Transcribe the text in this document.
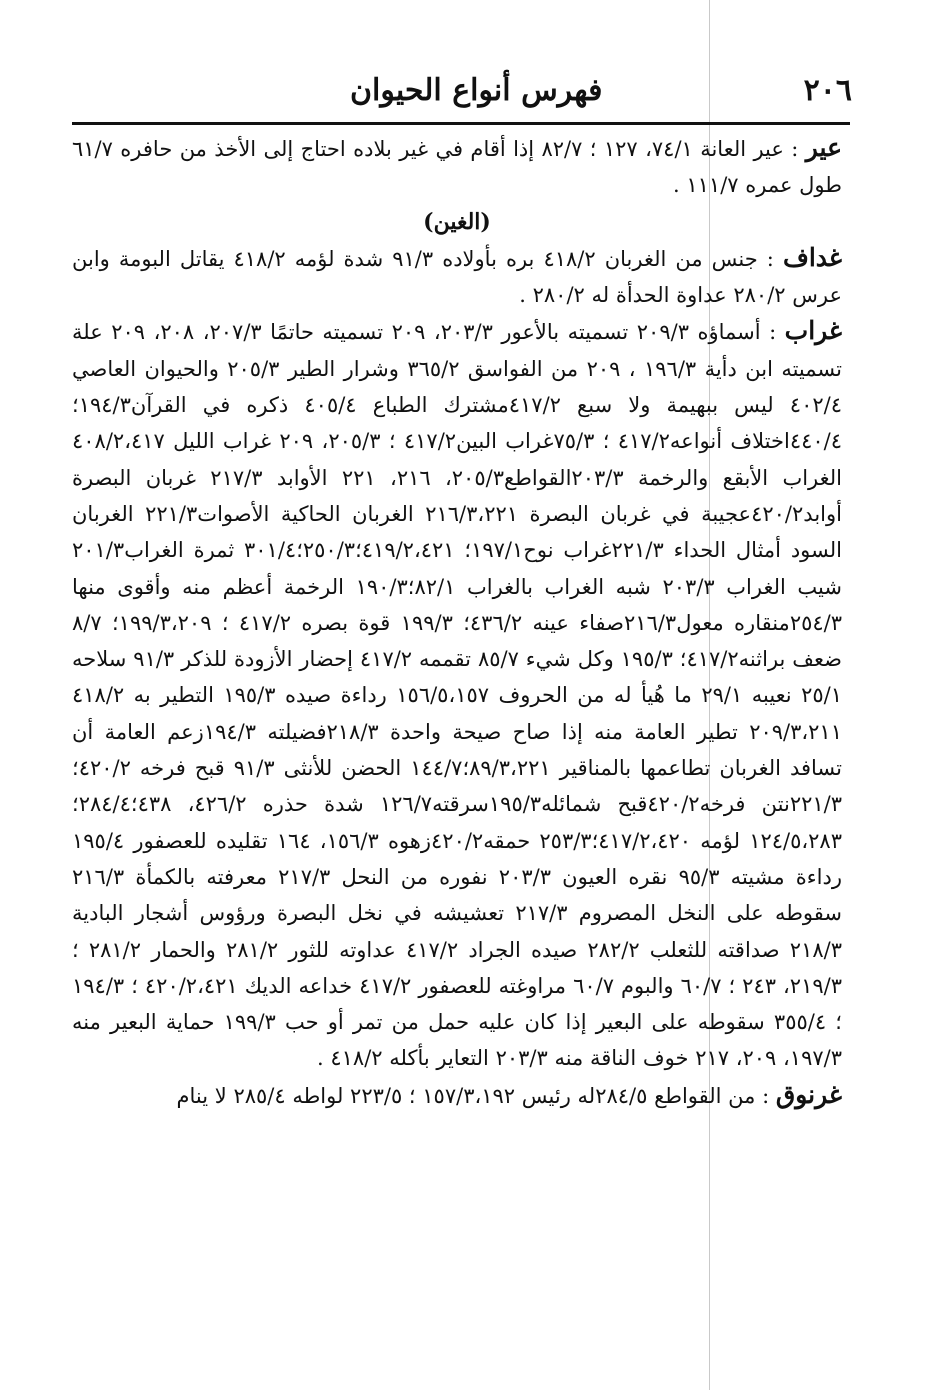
٢٠٦
فهرس أنواع الحيوان

عير : عير العانة ٧٤/١، ١٢٧ ؛ ٨٢/٧ إذا أقام في غير بلاده احتاج إلى الأخذ من حافره ٦١/٧ طول عمره ١١١/٧ .

(الغين)

غداف : جنس من الغربان ٤١٨/٢ بره بأولاده ٩١/٣ شدة لؤمه ٤١٨/٢ يقاتل البومة وابن عرس ٢٨٠/٢ عداوة الحدأة له ٢٨٠/٢ .

غراب : أسماؤه ٢٠٩/٣ تسميته بالأعور ٢٠٣/٣، ٢٠٩ تسميته حاتمًا ٢٠٧/٣، ٢٠٨، ٢٠٩ علة تسميته ابن دأية ١٩٦/٣ ، ٢٠٩ من الفواسق ٣٦٥/٢ وشرار الطير ٢٠٥/٣ والحيوان العاصي ٤٠٢/٤ ليس ببهيمة ولا سبع ٤١٧/٢مشترك الطباع ٤٠٥/٤ ذكره في القرآن١٩٤/٣؛ ٤٤٠/٤اختلاف أنواعه٤١٧/٢ ؛ ٧٥/٣غراب البين٤١٧/٢ ؛ ٢٠٥/٣، ٢٠٩ غراب الليل ٤٠٨/٢،٤١٧ الغراب الأبقع والرخمة ٢٠٣/٣القواطع٢٠٥/٣، ٢١٦، ٢٢١ الأوابد ٢١٧/٣ غربان البصرة أوابد٤٢٠/٢عجيبة في غربان البصرة ٢١٦/٣،٢٢١ الغربان الحاكية الأصوات٢٢١/٣ الغربان السود أمثال الحداء ٢٢١/٣غراب نوح١٩٧/١؛ ٤١٩/٢،٤٢١؛٢٥٠/٣؛٣٠١/٤ ثمرة الغراب٢٠١/٣ شيب الغراب ٢٠٣/٣ شبه الغراب بالغراب ٨٢/١؛١٩٠/٣ الرخمة أعظم منه وأقوى منها ٢٥٤/٣منقاره معول٢١٦/٣صفاء عينه ٤٣٦/٢؛ ١٩٩/٣ قوة بصره ٤١٧/٢ ؛ ١٩٩/٣،٢٠٩؛ ٨/٧ ضعف براثنه٤١٧/٢؛ ١٩٥/٣ وكل شيء ٨٥/٧ تقممه ٤١٧/٢ إحضار الأزودة للذكر ٩١/٣ سلاحه ٢٥/١ نعيبه ٢٩/١ ما هُيأ له من الحروف ١٥٦/٥،١٥٧ رداءة صيده ١٩٥/٣ التطير به ٤١٨/٢ ٢٠٩/٣،٢١١ تطير العامة منه إذا صاح صيحة واحدة ٢١٨/٣فضيلته ١٩٤/٣زعم العامة أن تسافد الغربان تطاعمها بالمناقير ٨٩/٣،٢٢١؛١٤٤/٧ الحضن للأنثى ٩١/٣ قبح فرخه ٤٢٠/٢؛٢٢١/٣نتن فرخه٤٢٠/٢قبح شمائله١٩٥/٣سرقته١٢٦/٧ شدة حذره ٤٢٦/٢، ٤٣٨؛٢٨٤/٤؛١٢٤/٥،٢٨٣ لؤمه ٤١٧/٢،٤٢٠؛٢٥٣/٣ حمقه٤٢٠/٢زهوه ١٥٦/٣، ١٦٤ تقليده للعصفور ١٩٥/٤ رداءة مشيته ٩٥/٣ نقره العيون ٢٠٣/٣ نفوره من النحل ٢١٧/٣ معرفته بالكمأة ٢١٦/٣ سقوطه على النخل المصروم ٢١٧/٣ تعشيشه في نخل البصرة ورؤوس أشجار البادية ٢١٨/٣ صداقته للثعلب ٢٨٢/٢ صيده الجراد ٤١٧/٢ عداوته للثور ٢٨١/٢ والحمار ٢٨١/٢ ؛ ٢١٩/٣، ٢٤٣ ؛ ٦٠/٧ والبوم ٦٠/٧ مراوغته للعصفور ٤١٧/٢ خداعه الديك ٤٢٠/٢،٤٢١ ؛ ١٩٤/٣ ؛ ٣٥٥/٤ سقوطه على البعير إذا كان عليه حمل من تمر أو حب ١٩٩/٣ حماية البعير منه ١٩٧/٣، ٢٠٩، ٢١٧ خوف الناقة منه ٢٠٣/٣ التعاير بأكله ٤١٨/٢ .

غرنوق : من القواطع ٢٨٤/٥له رئيس ١٥٧/٣،١٩٢ ؛ ٢٢٣/٥ لواطه ٢٨٥/٤ لا ينام
